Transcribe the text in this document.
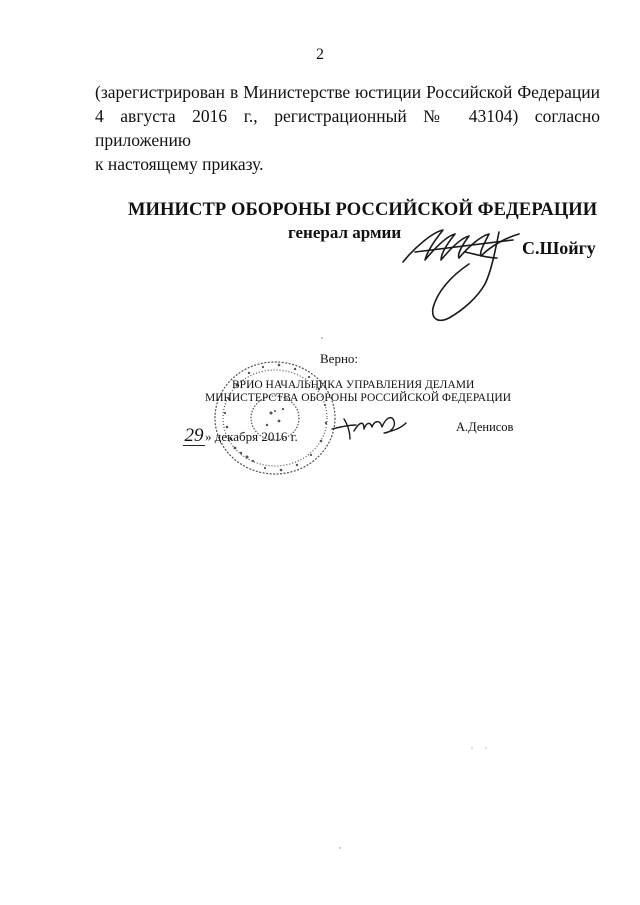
2
(зарегистрирован в Министерстве юстиции Российской Федерации
4 августа 2016 г., регистрационный № 43104) согласно приложению
к настоящему приказу.
МИНИСТР ОБОРОНЫ РОССИЙСКОЙ ФЕДЕРАЦИИ
генерал армии
С.Шойгу
Верно:
ВРИО НАЧАЛЬНИКА УПРАВЛЕНИЯ ДЕЛАМИ
МИНИСТЕРСТВА ОБОРОНЫ РОССИЙСКОЙ ФЕДЕРАЦИИ
А.Денисов
29 » декабря 2016 г.
